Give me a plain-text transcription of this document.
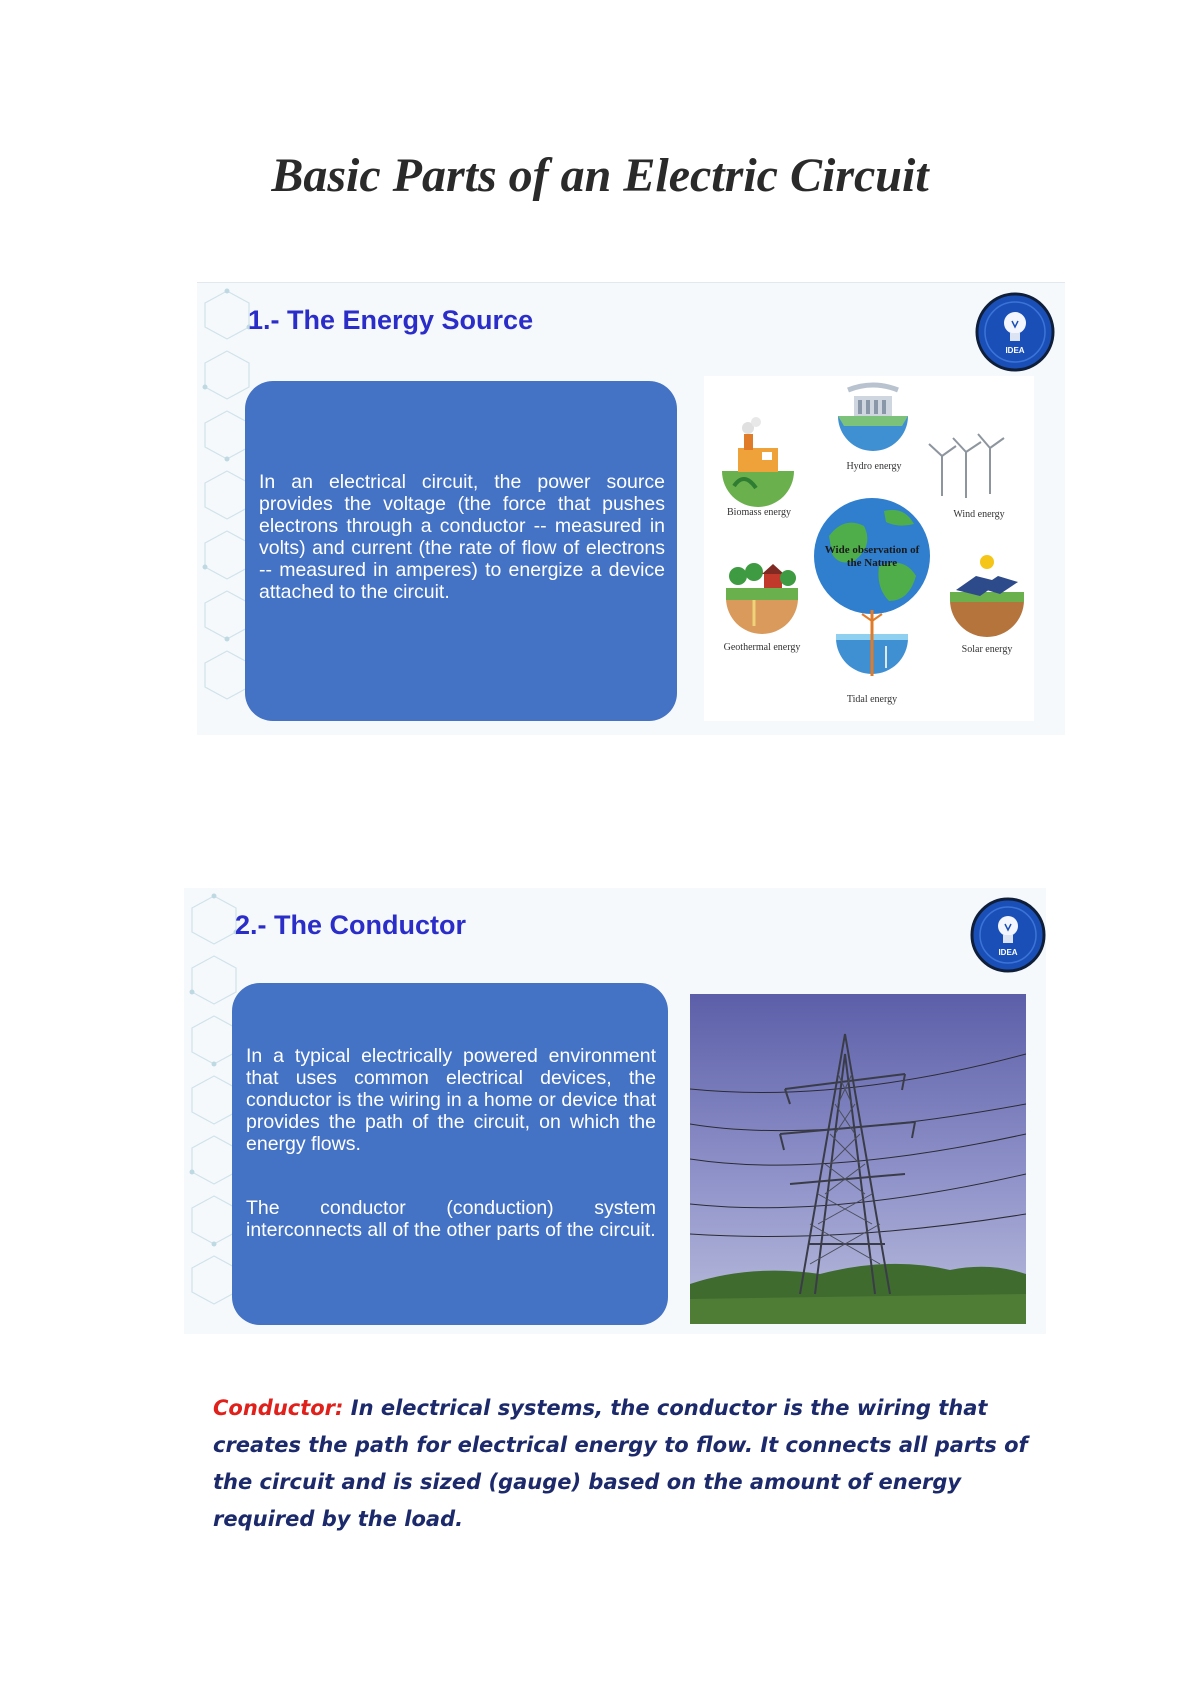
Basic Parts of an Electric Circuit
1.- The Energy Source
IDEA

In an electrical circuit, the power source provides the voltage (the force that pushes electrons through a conductor -- measured in volts) and current (the rate of flow of electrons -- measured in amperes) to energize a device attached to the circuit.

Hydro energy
Wind energy
Solar energy
Tidal energy
Geothermal energy
Biomass energy
Wide observation of the Nature
2.- The Conductor
IDEA

In a typical electrically powered environment that uses common electrical devices, the conductor is the wiring in a home or device that provides the path of the circuit, on which the energy flows.

The conductor (conduction) system interconnects all of the other parts of the circuit.

Conductor: In electrical systems, the conductor is the wiring that creates the path for electrical energy to flow. It connects all parts of the circuit and is sized (gauge) based on the amount of energy required by the load.
